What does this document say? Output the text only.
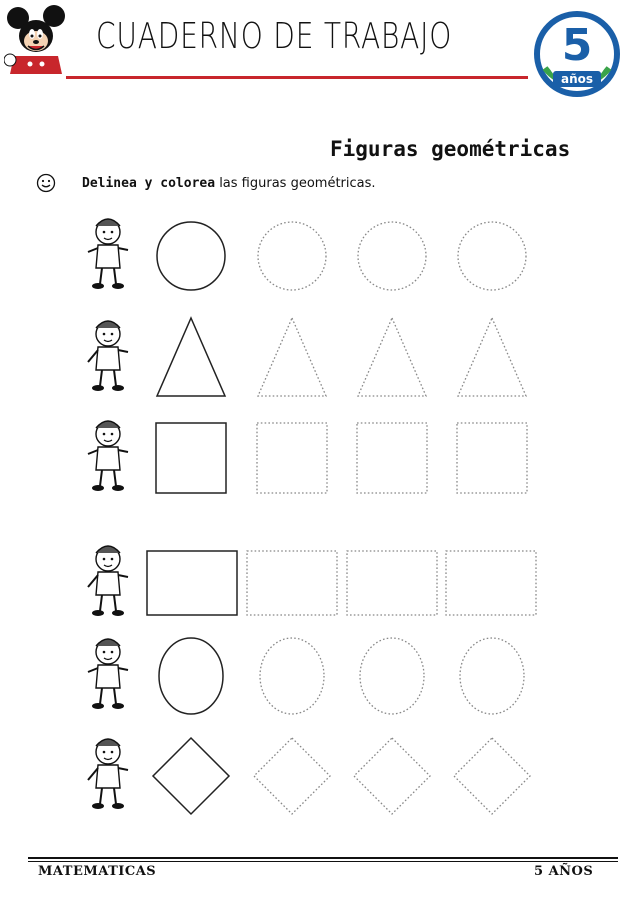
CUADERNO DE TRABAJO 5
años
Figuras geométricas
Delinea y colorea las figuras geométricas.
MATEMATICAS	5 AÑOS
